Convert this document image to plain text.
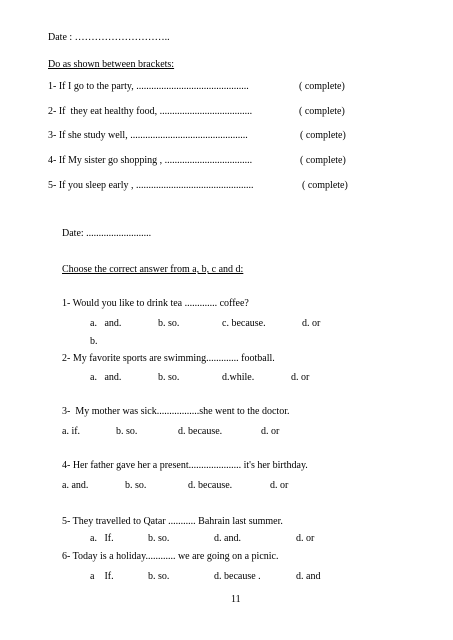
Date : ………………………..
Do as shown between brackets:
1- If I go to the party, .............................................	( complete)
2- If  they eat healthy food, .....................................	( complete)
3- If she study well, ...............................................	( complete)
4- If My sister go shopping , ...................................	( complete)
5- If you sleep early , ...............................................	( complete)
Date: ..........................
Choose the correct answer from a, b, c and d:
1- Would you like to drink tea ............. coffee?
a.   and.	b. so.	c. because.	d. or
b.
2- My favorite sports are swimming............. football.
a.   and.	b. so.	d.while.	d. or
3-  My mother was sick.................she went to the doctor.
a. if.	b. so.	d. because.	d. or
4- Her father gave her a present..................... it's her birthday.
a. and.	b. so.	d. because.	d. or
5- They travelled to Qatar ........... Bahrain last summer.
a.   If.	b. so.	d. and.	d. or
6- Today is a holiday............ we are going on a picnic.
a    If.	b. so.	d. because .	d. and
11
